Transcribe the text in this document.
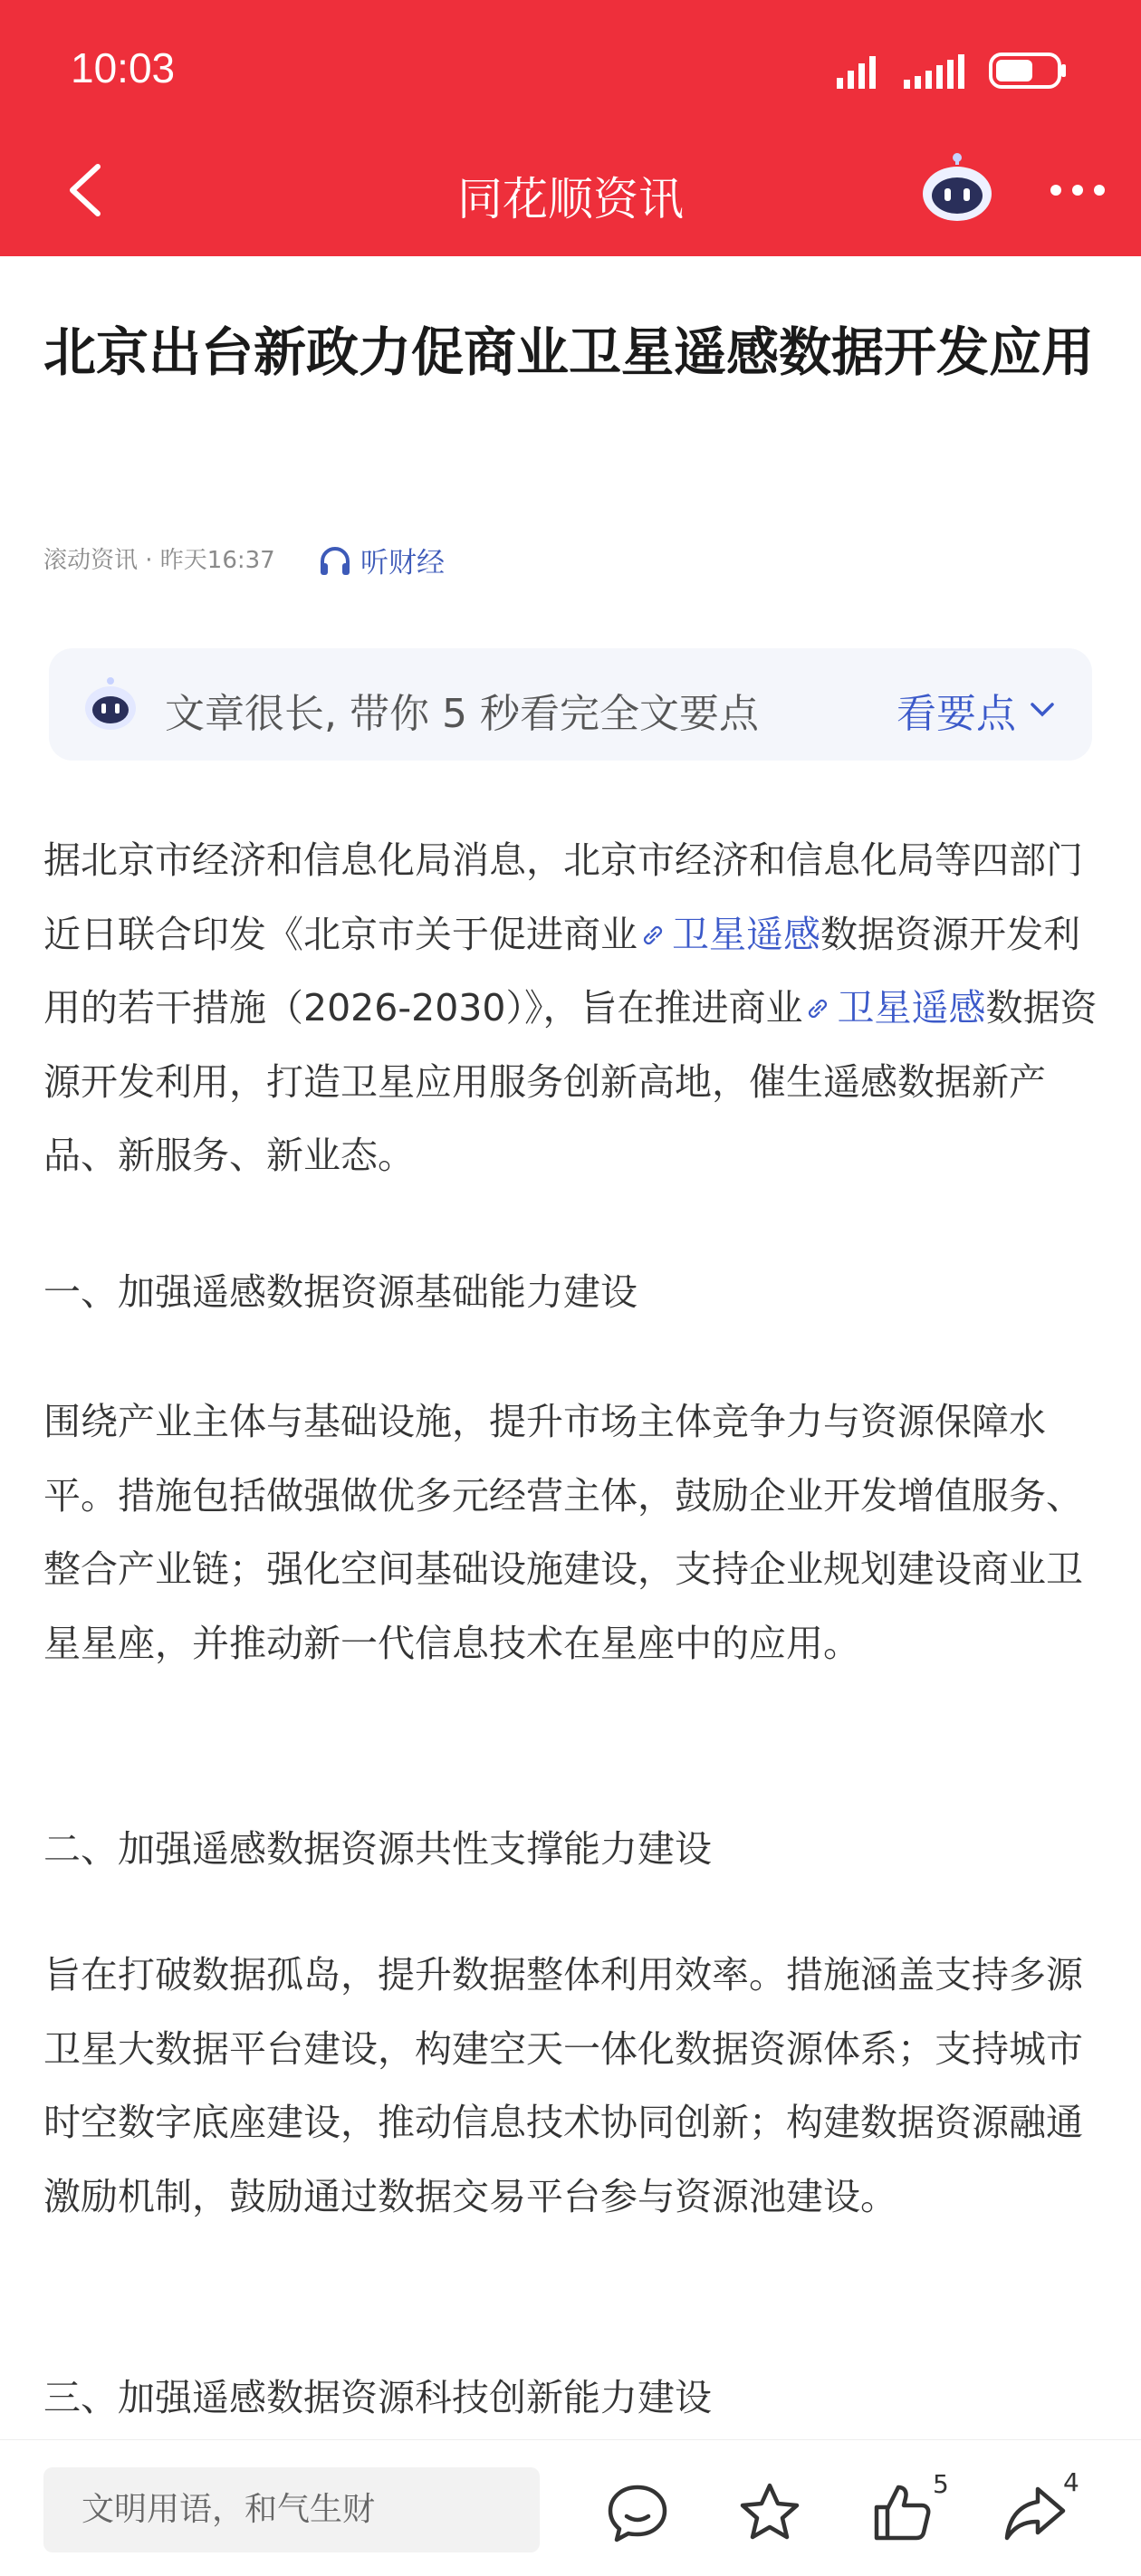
10:03
同花顺资讯
北京出台新政力促商业卫星遥感数据开发应用
滚动资讯 · 昨天16:37	听财经
文章很长, 带你 5 秒看完全文要点	看要点
据北京市经济和信息化局消息，北京市经济和信息化局等四部门近日联合印发《北京市关于促进商业 卫星遥感数据资源开发利用的若干措施（2026-2030）》，旨在推进商业 卫星遥感数据资源开发利用，打造卫星应用服务创新高地，催生遥感数据新产品、新服务、新业态。
一、加强遥感数据资源基础能力建设
围绕产业主体与基础设施，提升市场主体竞争力与资源保障水平。措施包括做强做优多元经营主体，鼓励企业开发增值服务、整合产业链；强化空间基础设施建设，支持企业规划建设商业卫星星座，并推动新一代信息技术在星座中的应用。
二、加强遥感数据资源共性支撑能力建设
旨在打破数据孤岛，提升数据整体利用效率。措施涵盖支持多源卫星大数据平台建设，构建空天一体化数据资源体系；支持城市时空数字底座建设，推动信息技术协同创新；构建数据资源融通激励机制，鼓励通过数据交易平台参与资源池建设。
三、加强遥感数据资源科技创新能力建设
文明用语，和气生财
5	4
